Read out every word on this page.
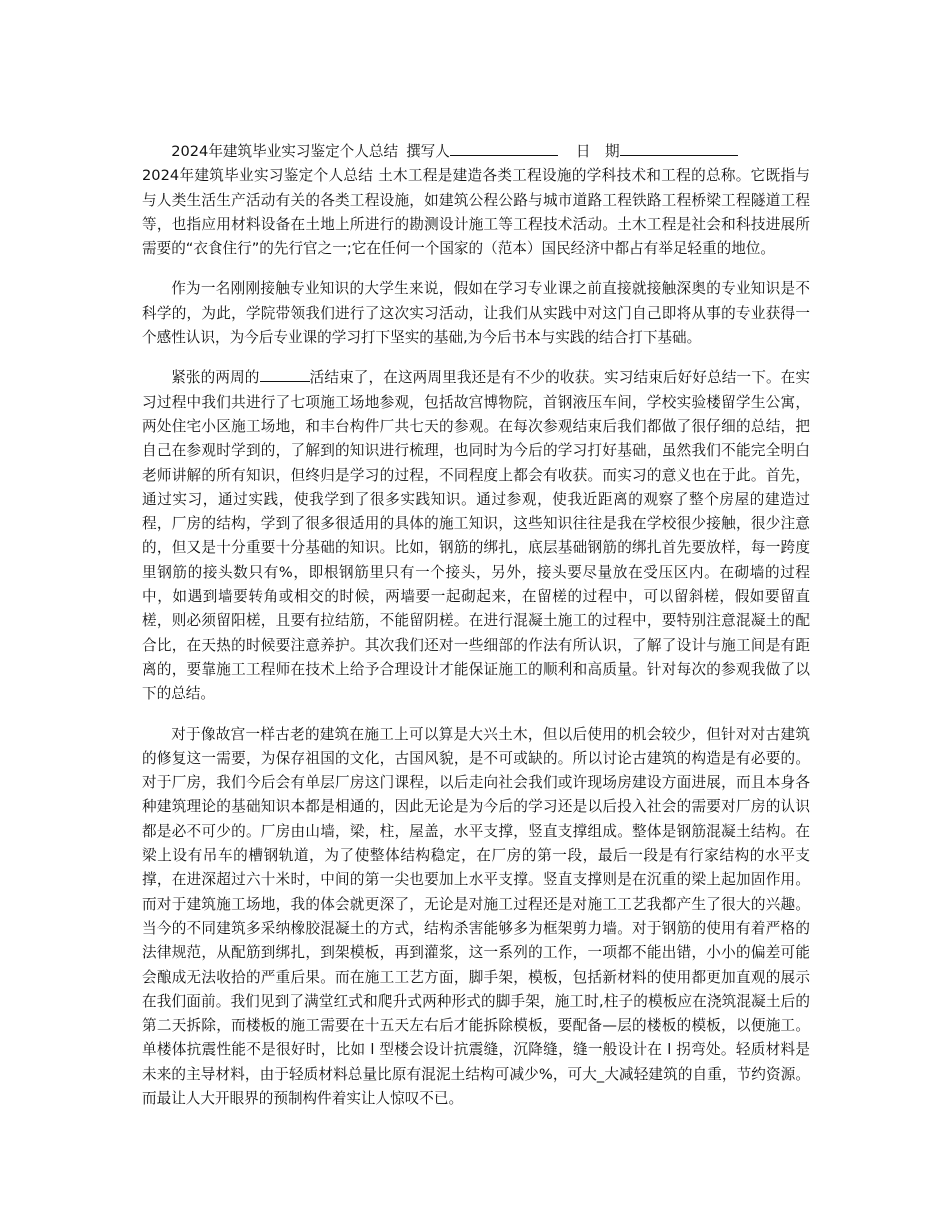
2024年建筑毕业实习鉴定个人总结 撰写人	日　期
2024年建筑毕业实习鉴定个人总结 土木工程是建造各类工程设施的学科技术和工程的总称。它既指与与人类生活生产活动有关的各类工程设施，如建筑公程公路与城市道路工程铁路工程桥梁工程隧道工程等，也指应用材料设备在土地上所进行的勘测设计施工等工程技术活动。土木工程是社会和科技进展所需要的“衣食住行”的先行官之一;它在任何一个国家的（范本）国民经济中都占有举足轻重的地位。

作为一名刚刚接触专业知识的大学生来说，假如在学习专业课之前直接就接触深奥的专业知识是不科学的，为此，学院带领我们进行了这次实习活动，让我们从实践中对这门自己即将从事的专业获得一个感性认识，为今后专业课的学习打下坚实的基础,为今后书本与实践的结合打下基础。

紧张的两周的	活结束了，在这两周里我还是有不少的收获。实习结束后好好总结一下。在实习过程中我们共进行了七项施工场地参观，包括故宫博物院，首钢液压车间，学校实验楼留学生公寓，两处住宅小区施工场地，和丰台构件厂共七天的参观。在每次参观结束后我们都做了很仔细的总结，把自己在参观时学到的，了解到的知识进行梳理，也同时为今后的学习打好基础，虽然我们不能完全明白老师讲解的所有知识，但终归是学习的过程，不同程度上都会有收获。而实习的意义也在于此。首先，通过实习，通过实践，使我学到了很多实践知识。通过参观，使我近距离的观察了整个房屋的建造过程，厂房的结构，学到了很多很适用的具体的施工知识，这些知识往往是我在学校很少接触，很少注意的，但又是十分重要十分基础的知识。比如，钢筋的绑扎，底层基础钢筋的绑扎首先要放样，每一跨度里钢筋的接头数只有%，即根钢筋里只有一个接头，另外，接头要尽量放在受压区内。在砌墙的过程中，如遇到墙要转角或相交的时候，两墙要一起砌起来，在留槎的过程中，可以留斜槎，假如要留直槎，则必须留阳槎，且要有拉结筋，不能留阴槎。在进行混凝土施工的过程中，要特别注意混凝土的配合比，在天热的时候要注意养护。其次我们还对一些细部的作法有所认识，了解了设计与施工间是有距离的，要靠施工工程师在技术上给予合理设计才能保证施工的顺利和高质量。针对每次的参观我做了以下的总结。

对于像故宫一样古老的建筑在施工上可以算是大兴土木，但以后使用的机会较少，但针对对古建筑的修复这一需要，为保存祖国的文化，古国风貌，是不可或缺的。所以讨论古建筑的构造是有必要的。对于厂房，我们今后会有单层厂房这门课程，以后走向社会我们或许现场房建设方面进展，而且本身各种建筑理论的基础知识本都是相通的，因此无论是为今后的学习还是以后投入社会的需要对厂房的认识都是必不可少的。厂房由山墙，梁，柱，屋盖，水平支撑，竖直支撑组成。整体是钢筋混凝土结构。在梁上设有吊车的槽钢轨道，为了使整体结构稳定，在厂房的第一段，最后一段是有行家结构的水平支撑，在进深超过六十米时，中间的第一尖也要加上水平支撑。竖直支撑则是在沉重的梁上起加固作用。而对于建筑施工场地，我的体会就更深了，无论是对施工过程还是对施工工艺我都产生了很大的兴趣。当今的不同建筑多采纳橡胶混凝土的方式，结构杀害能够多为框架剪力墙。对于钢筋的使用有着严格的法律规范，从配筋到绑扎，到架模板，再到灌浆，这一系列的工作，一项都不能出错，小小的偏差可能会酿成无法收拾的严重后果。而在施工工艺方面，脚手架，模板，包括新材料的使用都更加直观的展示在我们面前。我们见到了满堂红式和爬升式两种形式的脚手架，施工时,柱子的模板应在浇筑混凝土后的第二天拆除，而楼板的施工需要在十五天左右后才能拆除模板，要配备—层的楼板的模板，以便施工。单楼体抗震性能不是很好时，比如 l 型楼会设计抗震缝，沉降缝，缝一般设计在 l 拐弯处。轻质材料是未来的主导材料，由于轻质材料总量比原有混泥土结构可减少%，可大_大减轻建筑的自重，节约资源。而最让人大开眼界的预制构件着实让人惊叹不已。
